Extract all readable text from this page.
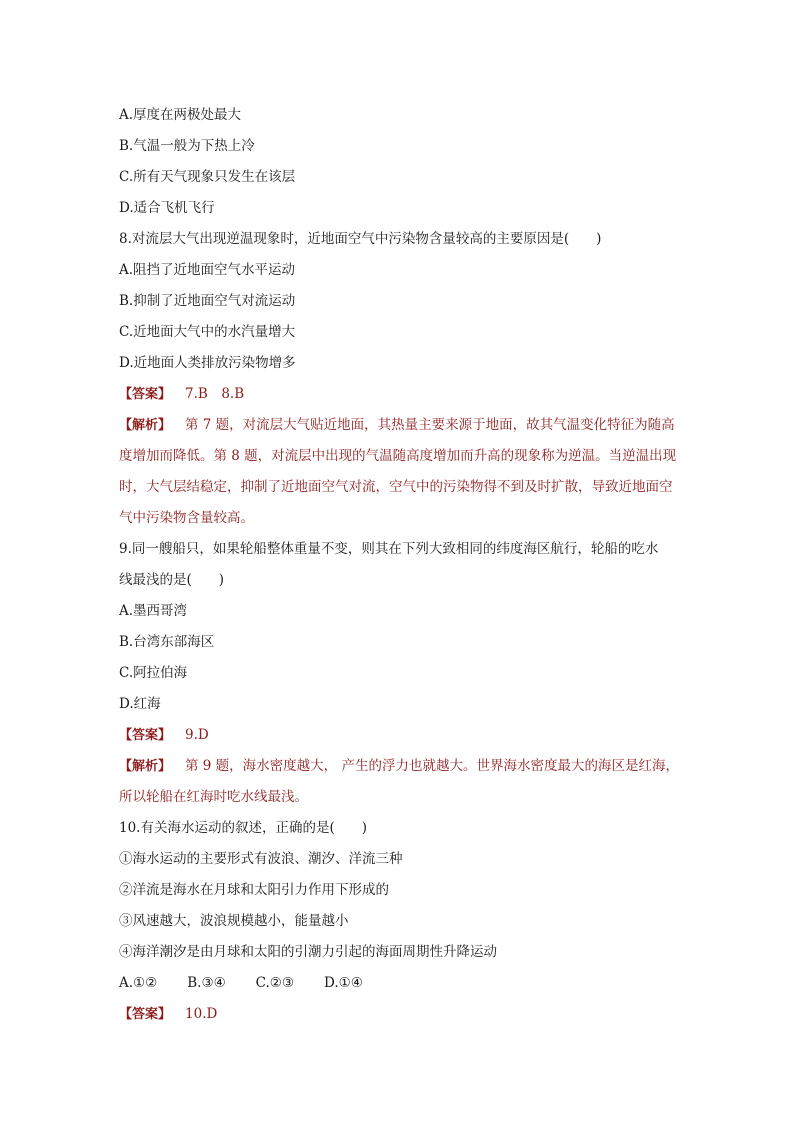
A.厚度在两极处最大
B.气温一般为下热上冷
C.所有天气现象只发生在该层
D.适合飞机飞行
8.对流层大气出现逆温现象时，近地面空气中污染物含量较高的主要原因是(　　)
A.阻挡了近地面空气水平运动
B.抑制了近地面空气对流运动
C.近地面大气中的水汽量增大
D.近地面人类排放污染物增多
【答案】 7.B　8.B
【解析】 第 7 题，对流层大气贴近地面，其热量主要来源于地面，故其气温变化特征为随高度增加而降低。第 8 题，对流层中出现的气温随高度增加而升高的现象称为逆温。当逆温出现时，大气层结稳定，抑制了近地面空气对流，空气中的污染物得不到及时扩散，导致近地面空气中污染物含量较高。
9.同一艘船只，如果轮船整体重量不变，则其在下列大致相同的纬度海区航行，轮船的吃水
线最浅的是(　　)
A.墨西哥湾
B.台湾东部海区
C.阿拉伯海
D.红海
【答案】 9.D
【解析】 第 9 题，海水密度越大， 产生的浮力也就越大。世界海水密度最大的海区是红海，所以轮船在红海时吃水线最浅。
10.有关海水运动的叙述，正确的是(　　)
①海水运动的主要形式有波浪、潮汐、洋流三种
②洋流是海水在月球和太阳引力作用下形成的
③风速越大，波浪规模越小，能量越小
④海洋潮汐是由月球和太阳的引潮力引起的海面周期性升降运动
A.①② B.③④ C.②③ D.①④
【答案】 10.D
